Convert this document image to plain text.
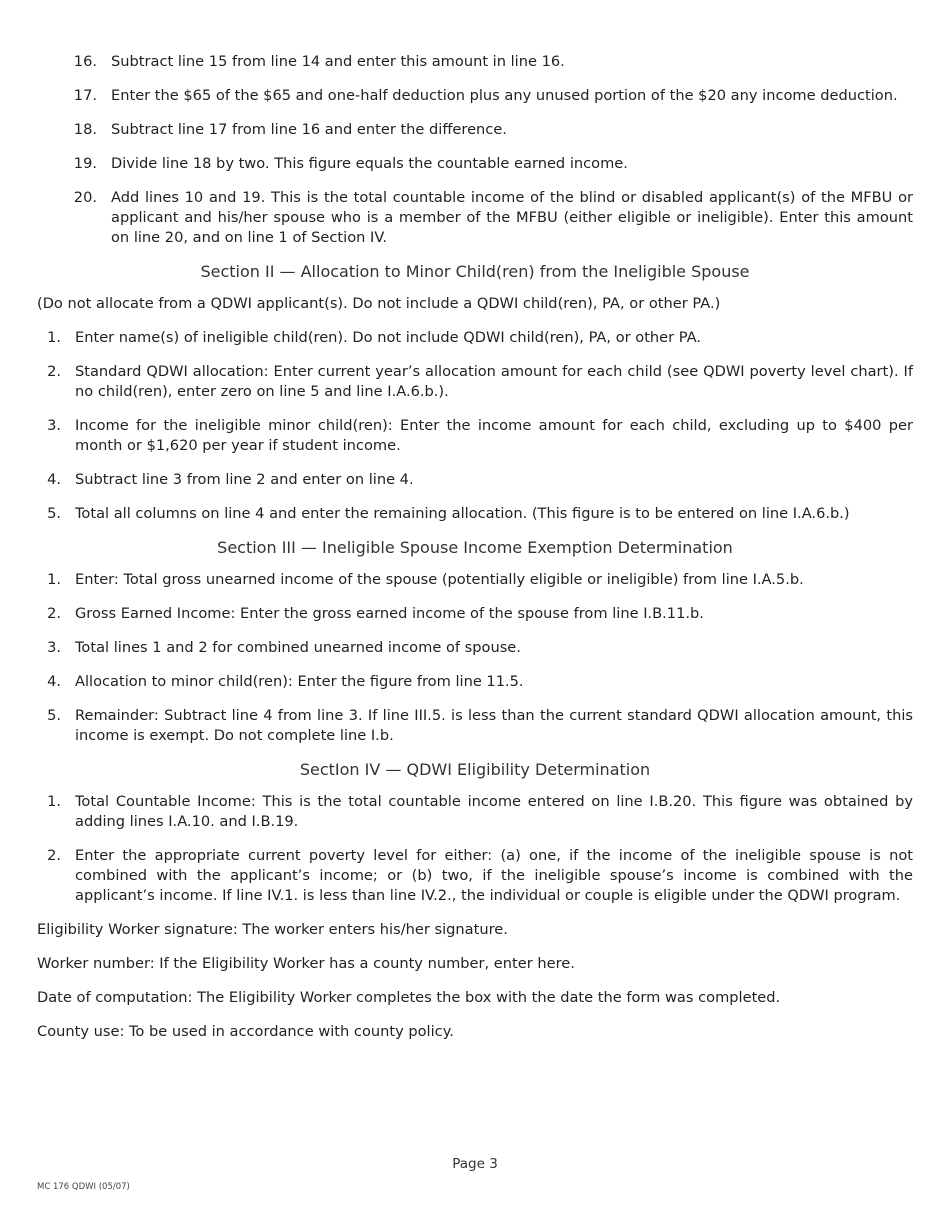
16. Subtract line 15 from line 14 and enter this amount in line 16.
17. Enter the $65 of the $65 and one-half deduction plus any unused portion of the $20 any income deduction.
18. Subtract line 17 from line 16 and enter the difference.
19. Divide line 18 by two. This figure equals the countable earned income.
20. Add lines 10 and 19. This is the total countable income of the blind or disabled applicant(s) of the MFBU or applicant and his/her spouse who is a member of the MFBU (either eligible or ineligible). Enter this amount on line 20, and on line 1 of Section IV.
Section II — Allocation to Minor Child(ren) from the Ineligible Spouse
(Do not allocate from a QDWI applicant(s). Do not include a QDWI child(ren), PA, or other PA.)
1. Enter name(s) of ineligible child(ren). Do not include QDWI child(ren), PA, or other PA.
2. Standard QDWI allocation: Enter current year’s allocation amount for each child (see QDWI poverty level chart). If no child(ren), enter zero on line 5 and line I.A.6.b.).
3. Income for the ineligible minor child(ren): Enter the income amount for each child, excluding up to $400 per month or $1,620 per year if student income.
4. Subtract line 3 from line 2 and enter on line 4.
5. Total all columns on line 4 and enter the remaining allocation. (This figure is to be entered on line I.A.6.b.)
Section III — Ineligible Spouse Income Exemption Determination
1. Enter: Total gross unearned income of the spouse (potentially eligible or ineligible) from line I.A.5.b.
2. Gross Earned Income: Enter the gross earned income of the spouse from line I.B.11.b.
3. Total lines 1 and 2 for combined unearned income of spouse.
4. Allocation to minor child(ren): Enter the figure from line 11.5.
5. Remainder: Subtract line 4 from line 3. If line III.5. is less than the current standard QDWI allocation amount, this income is exempt. Do not complete line I.b.
SectIon IV — QDWI Eligibility Determination
1. Total Countable Income: This is the total countable income entered on line I.B.20. This figure was obtained by adding lines I.A.10. and I.B.19.
2. Enter the appropriate current poverty level for either: (a) one, if the income of the ineligible spouse is not combined with the applicant’s income; or (b) two, if the ineligible spouse’s income is combined with the applicant’s income. If line IV.1. is less than line IV.2., the individual or couple is eligible under the QDWI program.
Eligibility Worker signature: The worker enters his/her signature.
Worker number: If the Eligibility Worker has a county number, enter here.
Date of computation: The Eligibility Worker completes the box with the date the form was completed.
County use: To be used in accordance with county policy.
Page 3
MC 176 QDWI (05/07)
